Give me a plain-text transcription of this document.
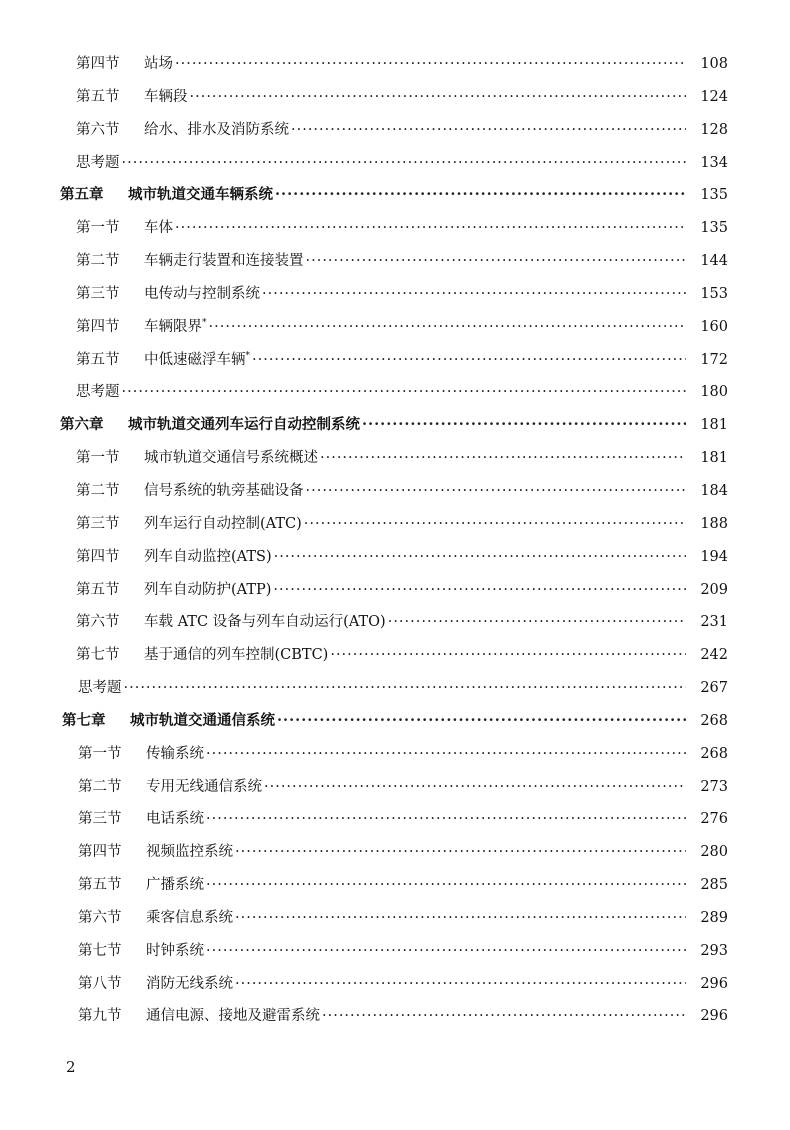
第四节	站场 ·····	108
第五节	车辆段 ·····	124
第六节	给水、排水及消防系统 ·····	128
思考题 ·····	134
第五章	城市轨道交通车辆系统 ·····	135
第一节	车体 ·····	135
第二节	车辆走行装置和连接装置 ·····	144
第三节	电传动与控制系统 ·····	153
第四节	车辆限界* ·····	160
第五节	中低速磁浮车辆* ·····	172
思考题 ·····	180
第六章	城市轨道交通列车运行自动控制系统 ·····	181
第一节	城市轨道交通信号系统概述 ·····	181
第二节	信号系统的轨旁基础设备 ·····	184
第三节	列车运行自动控制(ATC) ·····	188
第四节	列车自动监控(ATS) ·····	194
第五节	列车自动防护(ATP) ·····	209
第六节	车载 ATC 设备与列车自动运行(ATO) ·····	231
第七节	基于通信的列车控制(CBTC) ·····	242
思考题 ·····	267
第七章	城市轨道交通通信系统 ·····	268
第一节	传输系统 ·····	268
第二节	专用无线通信系统 ·····	273
第三节	电话系统 ·····	276
第四节	视频监控系统 ·····	280
第五节	广播系统 ·····	285
第六节	乘客信息系统 ·····	289
第七节	时钟系统 ·····	293
第八节	消防无线系统 ·····	296
第九节	通信电源、接地及避雷系统 ·····	296
2
